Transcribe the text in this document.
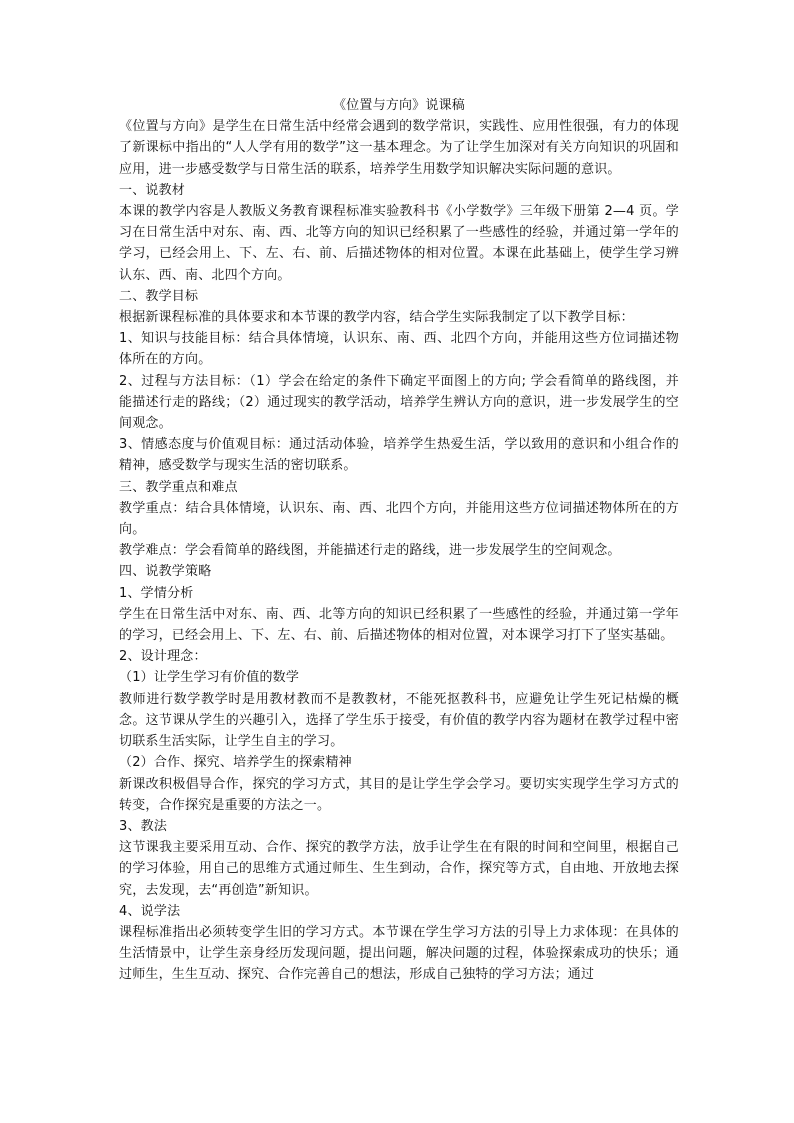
《位置与方向》说课稿

《位置与方向》是学生在日常生活中经常会遇到的数学常识，实践性、应用性很强，有力的体现了新课标中指出的“人人学有用的数学”这一基本理念。为了让学生加深对有关方向知识的巩固和应用，进一步感受数学与日常生活的联系，培养学生用数学知识解决实际问题的意识。

一、说教材

本课的教学内容是人教版义务教育课程标准实验教科书《小学数学》三年级下册第 2—4 页。学习在日常生活中对东、南、西、北等方向的知识已经积累了一些感性的经验，并通过第一学年的学习，已经会用上、下、左、右、前、后描述物体的相对位置。本课在此基础上，使学生学习辨认东、西、南、北四个方向。

二、教学目标

根据新课程标准的具体要求和本节课的教学内容，结合学生实际我制定了以下教学目标：

1、知识与技能目标：结合具体情境，认识东、南、西、北四个方向，并能用这些方位词描述物体所在的方向。

2、过程与方法目标：（1）学会在给定的条件下确定平面图上的方向; 学会看简单的路线图，并能描述行走的路线；（2）通过现实的教学活动，培养学生辨认方向的意识，进一步发展学生的空间观念。

3、情感态度与价值观目标：通过活动体验，培养学生热爱生活，学以致用的意识和小组合作的精神，感受数学与现实生活的密切联系。

三、教学重点和难点

教学重点：结合具体情境，认识东、南、西、北四个方向，并能用这些方位词描述物体所在的方向。

教学难点：学会看简单的路线图，并能描述行走的路线，进一步发展学生的空间观念。

四、说教学策略

1、学情分析

学生在日常生活中对东、南、西、北等方向的知识已经积累了一些感性的经验，并通过第一学年的学习，已经会用上、下、左、右、前、后描述物体的相对位置，对本课学习打下了坚实基础。

2、设计理念：

（1）让学生学习有价值的数学

教师进行数学教学时是用教材教而不是教教材，不能死抠教科书，应避免让学生死记枯燥的概念。这节课从学生的兴趣引入，选择了学生乐于接受，有价值的教学内容为题材在教学过程中密切联系生活实际，让学生自主的学习。

（2）合作、探究、培养学生的探索精神

新课改积极倡导合作，探究的学习方式，其目的是让学生学会学习。要切实实现学生学习方式的转变，合作探究是重要的方法之一。

3、教法

这节课我主要采用互动、合作、探究的教学方法，放手让学生在有限的时间和空间里，根据自己的学习体验，用自己的思维方式通过师生、生生到动，合作，探究等方式，自由地、开放地去探究，去发现，去“再创造”新知识。

4、说学法

课程标准指出必须转变学生旧的学习方式。本节课在学生学习方法的引导上力求体现：在具体的生活情景中，让学生亲身经历发现问题，提出问题，解决问题的过程，体验探索成功的快乐；通过师生，生生互动、探究、合作完善自己的想法，形成自己独特的学习方法；通过
